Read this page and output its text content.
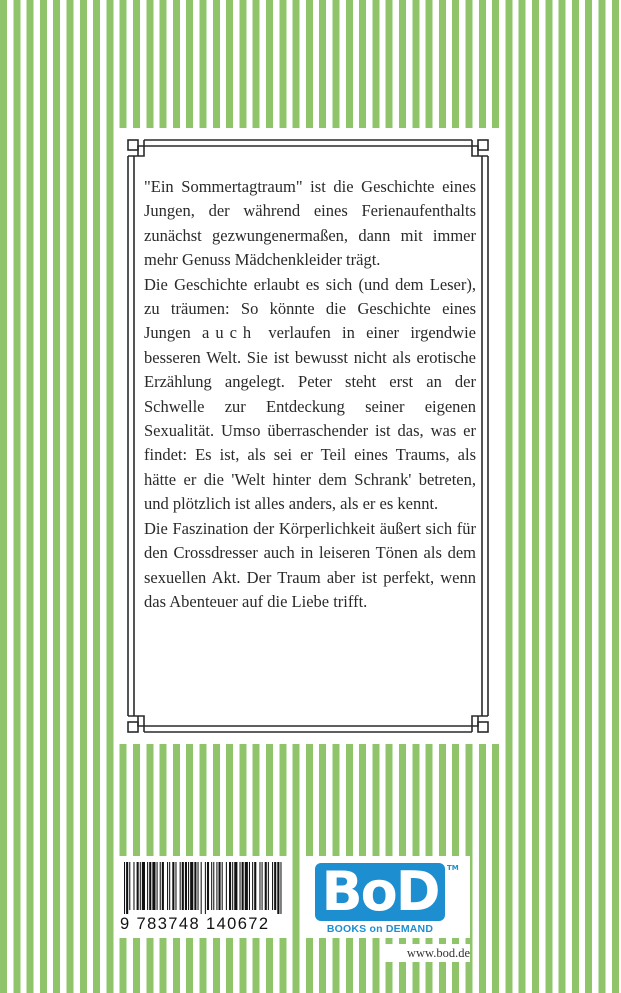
"Ein Sommertagtraum" ist die Geschichte eines Jungen, der während eines Ferienaufenthalts zunächst gezwungenermaßen, dann mit immer mehr Genuss Mädchenkleider trägt.

Die Geschichte erlaubt es sich (und dem Leser), zu träumen: So könnte die Geschichte eines Jungen auch verlaufen in einer irgendwie besseren Welt. Sie ist bewusst nicht als erotische Erzählung angelegt. Peter steht erst an der Schwelle zur Entdeckung seiner eigenen Sexualität. Umso überraschender ist das, was er findet: Es ist, als sei er Teil eines Traums, als hätte er die 'Welt hinter dem Schrank' betreten, und plötzlich ist alles anders, als er es kennt.

Die Faszination der Körperlichkeit äußert sich für den Crossdresser auch in leiseren Tönen als dem sexuellen Akt. Der Traum aber ist perfekt, wenn das Abenteuer auf die Liebe trifft.

9 783748 140672
BoD	TM
BOOKS on DEMAND
www.bod.de
